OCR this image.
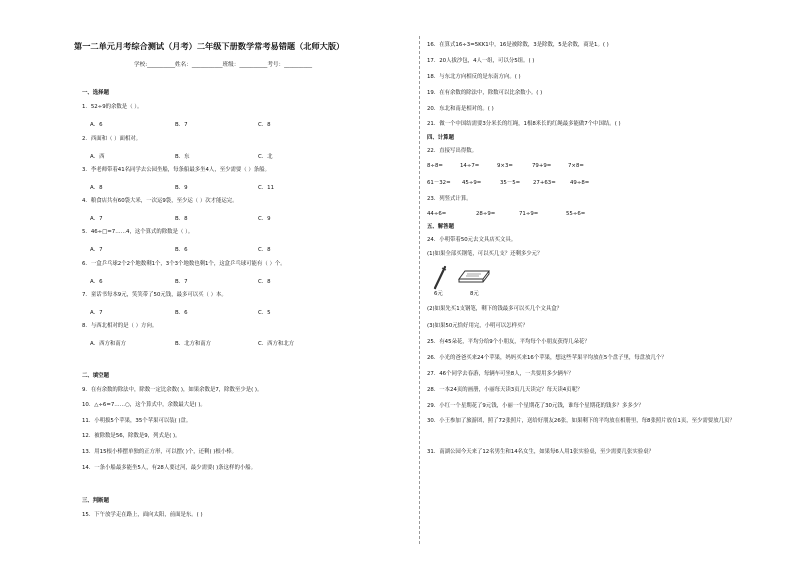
第一二单元月考综合测试（月考）二年级下册数学常考易错题（北师大版）
学校:__________姓名：___________班级：__________考号：__________
一、选择题
1．52÷9的余数是（ ）。
A．6	B．7	C．8
2．西面和（ ）面相对。
A．西	B．东	C．北
3．李老师带着41名同学去公园坐船，每条船最多坐4人，至少需要（ ）条船。
A．8	B．9	C．11
4．粮食店共有60袋大米，一次运9袋，至少运（ ）次才能运完。
A．7	B．8	C．9
5．46÷□=7……4，这个算式的除数是（ ）。
A．7	B．6	C．8
6．一盒乒乓球2个2个地数剩1个，3个3个地数也剩1个，这盒乒乓球可能有（ ）个。
A．6	B．7	C．8
7．童话书每本9元，笑笑带了50元钱，最多可以买（ ）本。
A．7	B．6	C．5
8．与西北相对的是（ ）方向。
A．西方和南方	B．北方和南方	C．西方和北方
二、填空题
9．在有余数的除法中，除数一定比余数( )，如果余数是7，除数至少是( )。
10．△÷6=7……○，这个算式中，余数最大是( )。
11．小明拔5个苹果，35个苹果可以装( )盘。
12．被除数是56，除数是9，列式是( )。
13．用15根小棒摆单独的正方形，可以摆( )个，还剩( )根小棒。
14．一条小船最多能坐5人，有28人要过河，最少需要( )条这样的小船。
三、判断题
15．下午放学走在路上，面向太阳，前面是东。( )
16．在算式16÷3=5KK1中，16是被除数，3是除数，5是余数，商是1。( )
17．20人拔沙包，4人一组，可以分5组。( )
18．与东北方向相反的是东南方向。( )
19．在有余数的除法中，除数可以比余数小。( )
20．东北和南是相对的。( )
21．做一个中国结需要3分米长的红绳，1根8米长的红绳最多能做7个中国结。( )
四、计算题
22．直接写出得数。
8÷8=	14÷7=	9×3=	79+9=	7×8=
61－32= 45÷9=	35－5= 27+63=	49÷8=
23．列竖式计算。
44÷6=	28÷9=	71÷9=	55÷6=
五、解答题
24．小明带着50元去文具店买文具。
(1)如果全部买钢笔，可以买几支？还剩多少元？
6元	8元
(2)如果先买1支钢笔，剩下的钱最多可以买几个文具盒？
(3)如果50元恰好用完，小明可以怎样买？
25．有45朵花，平均分给9个小朋友，平均每个小朋友获得几朵花？
26．小光的爸爸买来24个苹果，妈妈买来16个苹果，想这些苹果平均放在5个盘子里，每盘放几个？
27．46个同学去春游，每辆车可坐8人，一共要用多少辆车？
28．一本24页的画册，小丽每天读3页几天读完？每天读4页呢？
29．小红一个星期花了9元钱，小丽一个星期花了30元钱，谁每个星期花的钱多？多多少？
30．小王参加了旅游团，照了72张照片，送给好朋友26张，如果剩下的平均放在相册里，每8张照片放在1页，至少需要放几页？
31．南湖公园今天来了12名男生和14名女生，如果每6人用1张实验桌，至少需要几张实验桌？
